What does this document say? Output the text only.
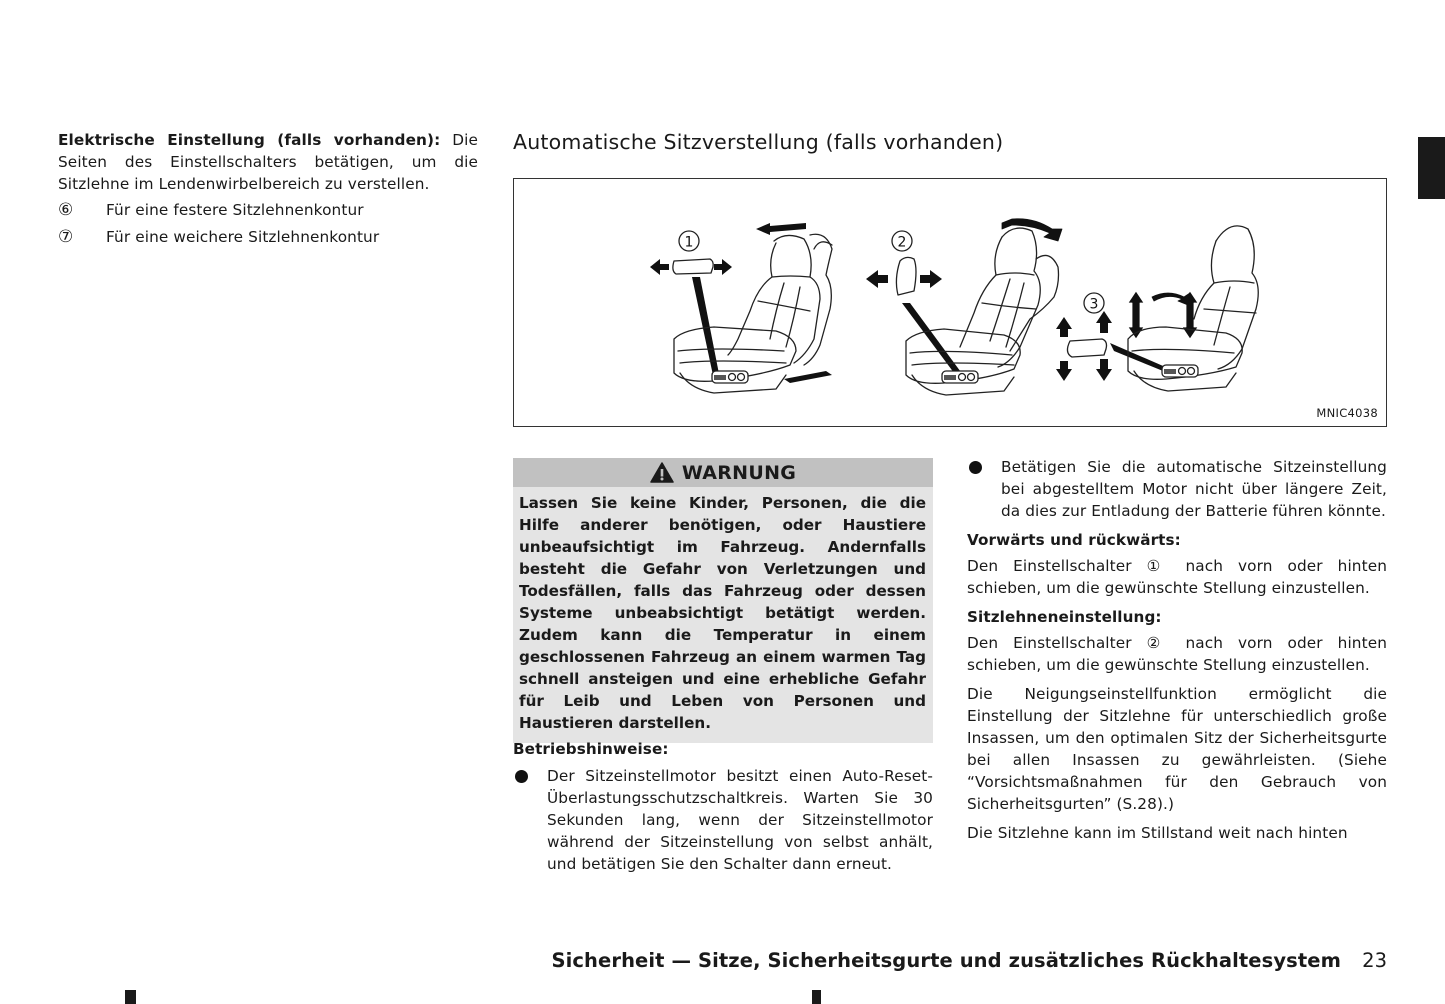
Elektrische Einstellung (falls vorhanden): Die Seiten des Einstellschalters betätigen, um die Sitzlehne im Lendenwirbelbereich zu verstellen.

⑥	Für eine festere Sitzlehnenkontur
⑦	Für eine weichere Sitzlehnenkontur
Automatische Sitzverstellung (falls vorhanden)
1	2
3
MNIC4038
WARNUNG
Lassen Sie keine Kinder, Personen, die die Hilfe anderer benötigen, oder Haustiere unbeaufsichtigt im Fahrzeug. Andernfalls besteht die Gefahr von Verletzungen und Todesfällen, falls das Fahrzeug oder dessen Systeme unbeabsichtigt betätigt werden. Zudem kann die Temperatur in einem geschlossenen Fahrzeug an einem warmen Tag schnell ansteigen und eine erhebliche Gefahr für Leib und Leben von Personen und Haustieren darstellen.
Betriebshinweise:
Der Sitzeinstellmotor besitzt einen Auto-Reset-Überlastungsschutzschaltkreis. Warten Sie 30 Sekunden lang, wenn der Sitzeinstellmotor während der Sitzeinstellung von selbst anhält, und betätigen Sie den Schalter dann erneut.
Betätigen Sie die automatische Sitzeinstellung bei abgestelltem Motor nicht über längere Zeit, da dies zur Entladung der Batterie führen könnte.
Vorwärts und rückwärts:
Den Einstellschalter ① nach vorn oder hinten schieben, um die gewünschte Stellung einzustellen.
Sitzlehneneinstellung:
Den Einstellschalter ② nach vorn oder hinten schieben, um die gewünschte Stellung einzustellen.
Die Neigungseinstellfunktion ermöglicht die Einstellung der Sitzlehne für unterschiedlich große Insassen, um den optimalen Sitz der Sicherheitsgurte bei allen Insassen zu gewährleisten. (Siehe “Vorsichtsmaßnahmen für den Gebrauch von Sicherheitsgurten” (S.28).)
Die Sitzlehne kann im Stillstand weit nach hinten
Sicherheit — Sitze, Sicherheitsgurte und zusätzliches Rückhaltesystem 23
